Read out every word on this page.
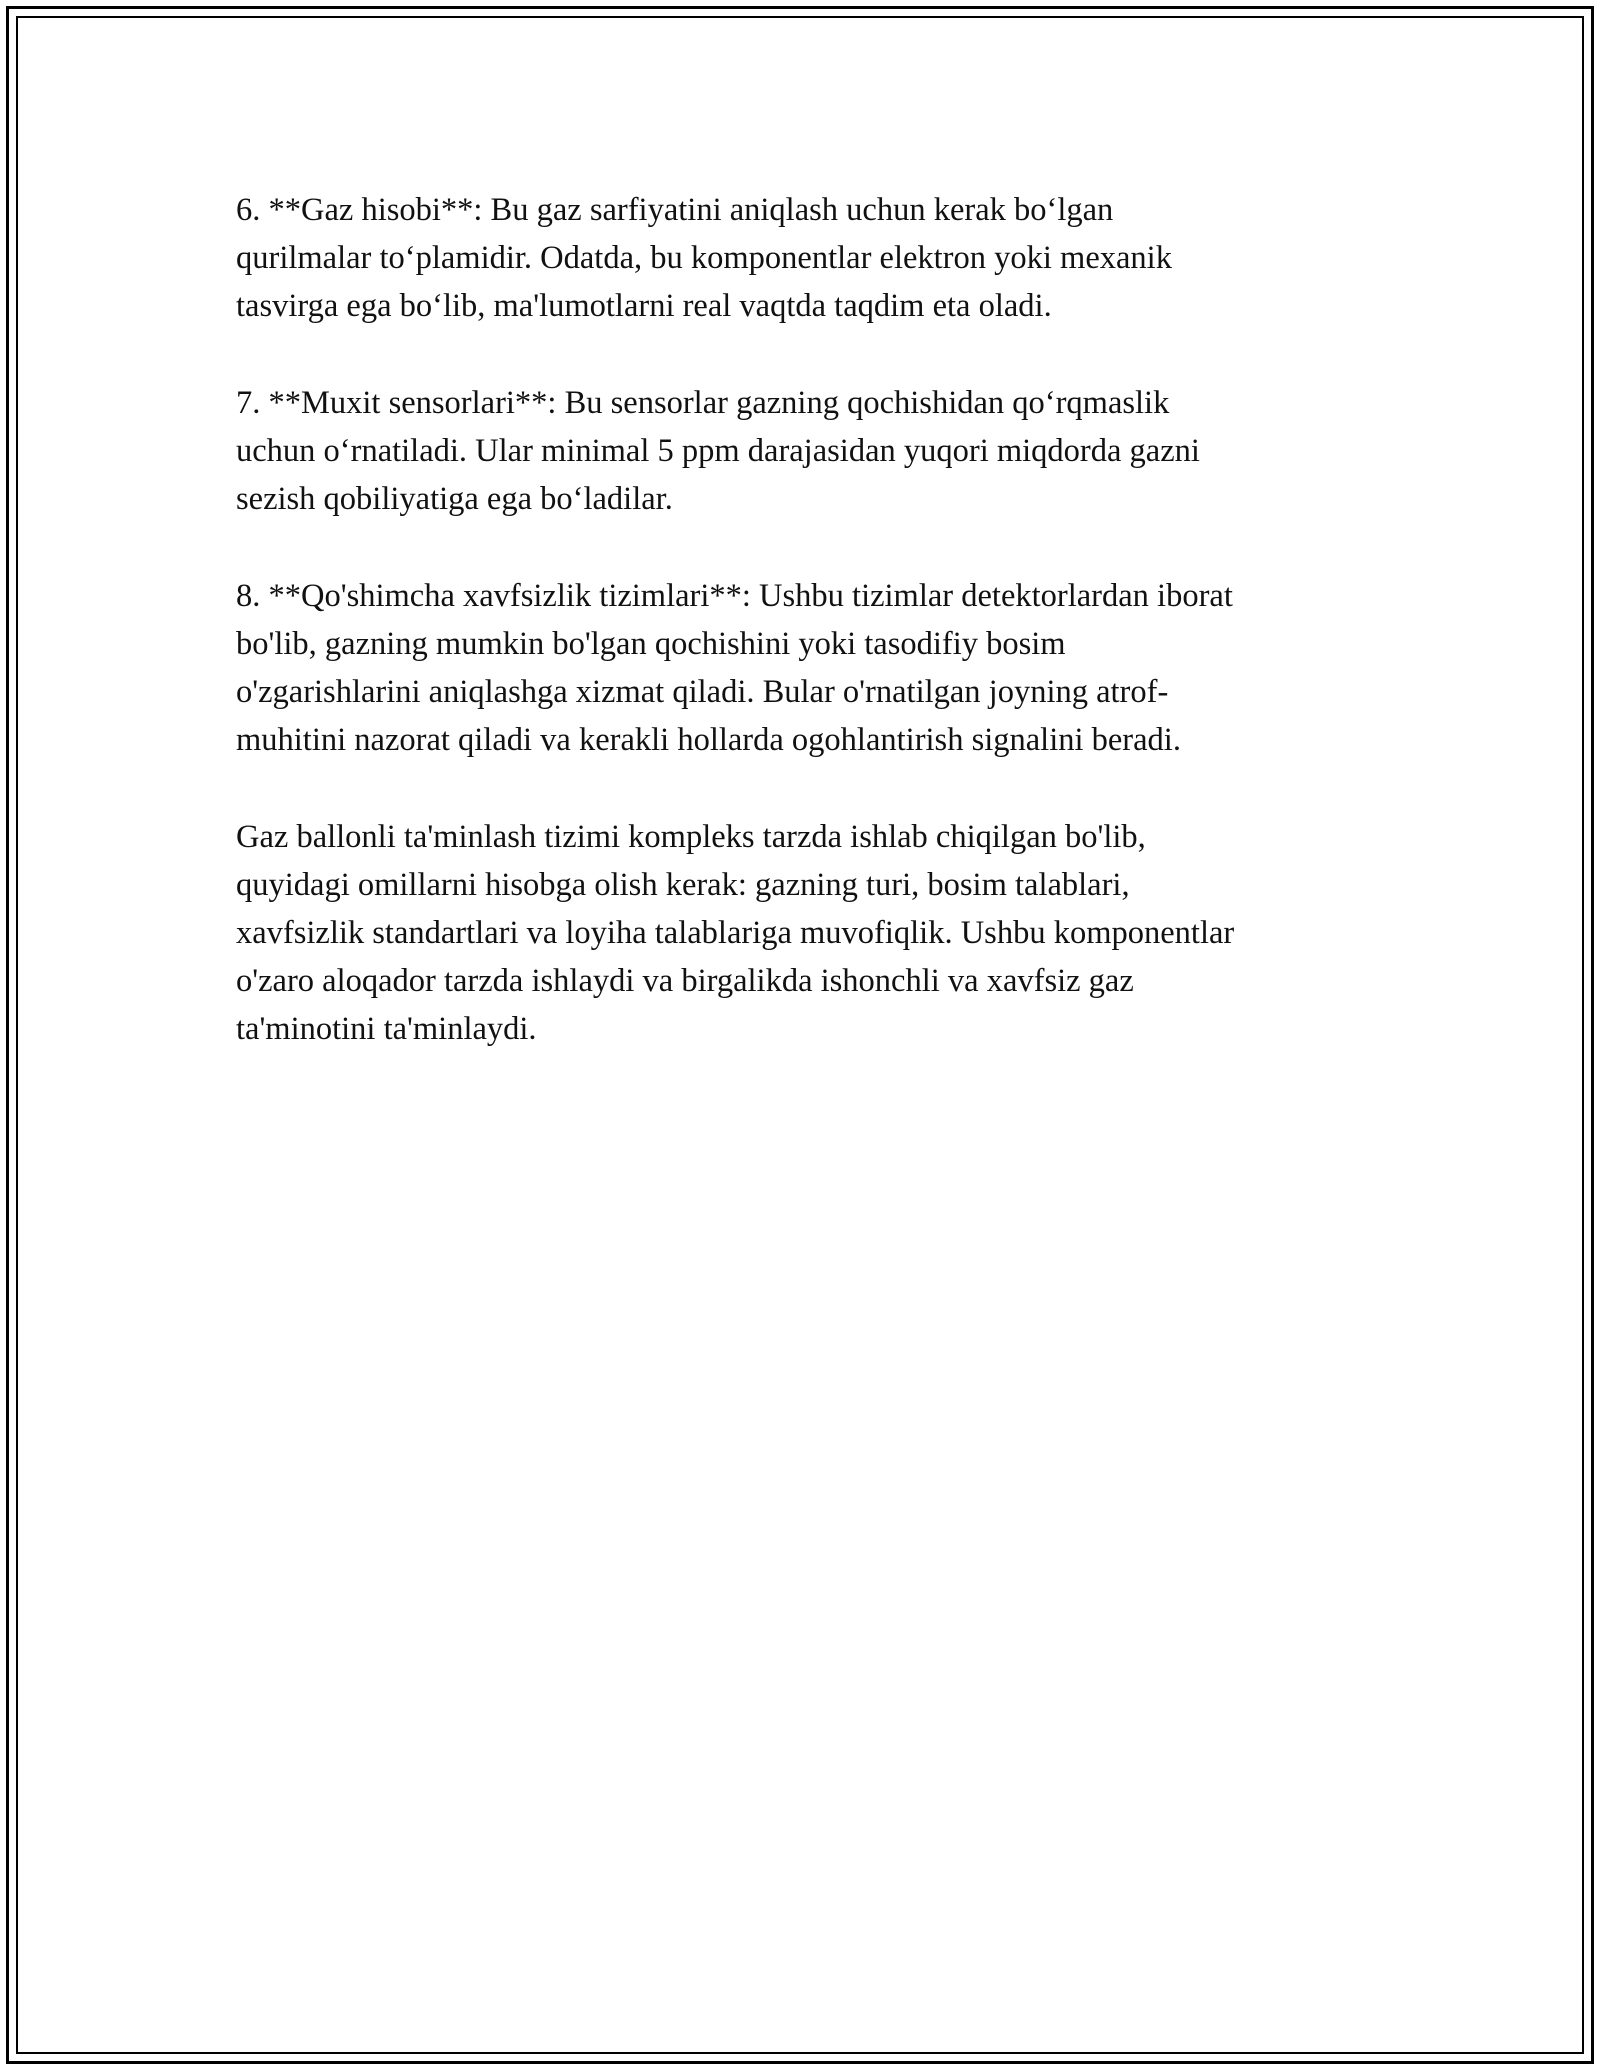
6. **Gaz hisobi**: Bu gaz sarfiyatini aniqlash uchun kerak bo‘lgan
qurilmalar to‘plamidir. Odatda, bu komponentlar elektron yoki mexanik
tasvirga ega bo‘lib, ma'lumotlarni real vaqtda taqdim eta oladi.

7. **Muxit sensorlari**: Bu sensorlar gazning qochishidan qo‘rqmaslik
uchun o‘rnatiladi. Ular minimal 5 ppm darajasidan yuqori miqdorda gazni
sezish qobiliyatiga ega bo‘ladilar.

8. **Qo'shimcha xavfsizlik tizimlari**: Ushbu tizimlar detektorlardan iborat
bo'lib, gazning mumkin bo'lgan qochishini yoki tasodifiy bosim
o'zgarishlarini aniqlashga xizmat qiladi. Bular o'rnatilgan joyning atrof-
muhitini nazorat qiladi va kerakli hollarda ogohlantirish signalini beradi.

Gaz ballonli ta'minlash tizimi kompleks tarzda ishlab chiqilgan bo'lib,
quyidagi omillarni hisobga olish kerak: gazning turi, bosim talablari,
xavfsizlik standartlari va loyiha talablariga muvofiqlik. Ushbu komponentlar
o'zaro aloqador tarzda ishlaydi va birgalikda ishonchli va xavfsiz gaz
ta'minotini ta'minlaydi.
